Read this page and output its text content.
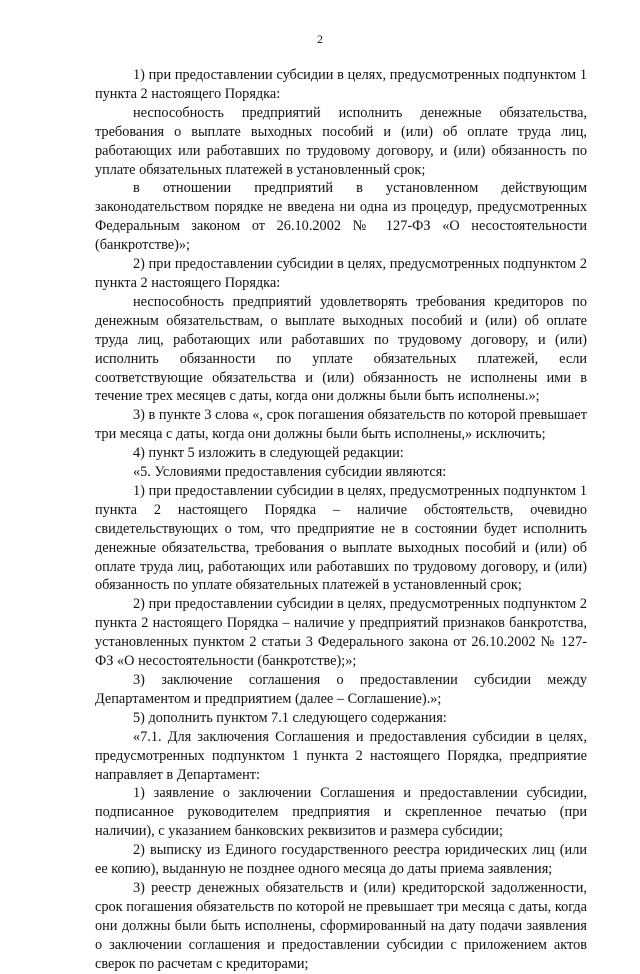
2

1) при предоставлении субсидии в целях, предусмотренных подпунктом 1 пункта 2 настоящего Порядка:

неспособность предприятий исполнить денежные обязательства, требования о выплате выходных пособий и (или) об оплате труда лиц, работающих или работавших по трудовому договору, и (или) обязанность по уплате обязательных платежей в установленный срок;

в отношении предприятий в установленном действующим законодательством порядке не введена ни одна из процедур, предусмотренных Федеральным законом от 26.10.2002 № 127-ФЗ «О несостоятельности (банкротстве)»;

2) при предоставлении субсидии в целях, предусмотренных подпунктом 2 пункта 2 настоящего Порядка:

неспособность предприятий удовлетворять требования кредиторов по денежным обязательствам, о выплате выходных пособий и (или) об оплате труда лиц, работающих или работавших по трудовому договору, и (или) исполнить обязанности по уплате обязательных платежей, если соответствующие обязательства и (или) обязанность не исполнены ими в течение трех месяцев с даты, когда они должны были быть исполнены.»;

3) в пункте 3 слова «, срок погашения обязательств по которой превышает три месяца с даты, когда они должны были быть исполнены,» исключить;

4) пункт 5 изложить в следующей редакции:

«5. Условиями предоставления субсидии являются:

1) при предоставлении субсидии в целях, предусмотренных подпунктом 1 пункта 2 настоящего Порядка – наличие обстоятельств, очевидно свидетельствующих о том, что предприятие не в состоянии будет исполнить денежные обязательства, требования о выплате выходных пособий и (или) об оплате труда лиц, работающих или работавших по трудовому договору, и (или) обязанность по уплате обязательных платежей в установленный срок;

2) при предоставлении субсидии в целях, предусмотренных подпунктом 2 пункта 2 настоящего Порядка – наличие у предприятий признаков банкротства, установленных пунктом 2 статьи 3 Федерального закона от 26.10.2002 № 127-ФЗ «О несостоятельности (банкротстве);»;

3) заключение соглашения о предоставлении субсидии между Департаментом и предприятием (далее – Соглашение).»;

5) дополнить пунктом 7.1 следующего содержания:

«7.1. Для заключения Соглашения и предоставления субсидии в целях, предусмотренных подпунктом 1 пункта 2 настоящего Порядка, предприятие направляет в Департамент:

1) заявление о заключении Соглашения и предоставлении субсидии, подписанное руководителем предприятия и скрепленное печатью (при наличии), с указанием банковских реквизитов и размера субсидии;

2) выписку из Единого государственного реестра юридических лиц (или ее копию), выданную не позднее одного месяца до даты приема заявления;

3) реестр денежных обязательств и (или) кредиторской задолженности, срок погашения обязательств по которой не превышает три месяца с даты, когда они должны были быть исполнены, сформированный на дату подачи заявления о заключении соглашения и предоставлении субсидии с приложением актов сверок по расчетам с кредиторами;
